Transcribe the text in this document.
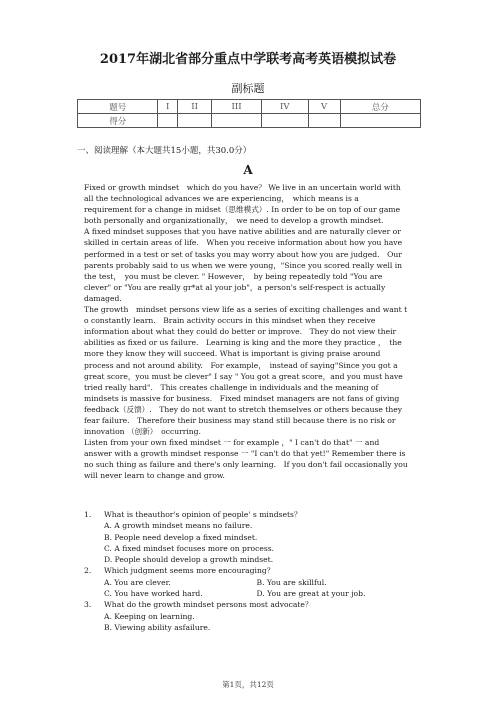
2017年湖北省部分重点中学联考高考英语模拟试卷
副标题
题号	I	II	III	IV	V	总分
得分						
一、阅读理解（本大题共15小题，共30.0分）
A

Fixed or growth mindset　which do you have？ We live in an uncertain world with all the technological advances we are experiencing，　which means is a requirement for a change in midset（思维模式）. In order to be on top of our game both personally and organizationally，　we need to develop a growth mindset.

A fixed mindset supposes that you have native abilities and are naturally clever or skilled in certain areas of life.　When you receive information about how you have performed in a test or set of tasks you may worry about how you are judged.　Our parents probably said to us when we were young，"Since you scored really well in the test，　you must be clever. " However，　by being repeatedly told "You are clever" or "You are really gr*at al your job"，a person's self-respect is actually damaged.

The growth　mindset persons view life as a series of exciting challenges and want t o constantly learn.　Brain activity occurs in this mindset when they receive information about what they could do better or improve.　They do not view their abilities as fixed or us failure.　Learning is king and the more they practice ，　the more they know they will succeed. What is important is giving praise around process and not around ability.　For example，　instead of saying"Since you got a great score，you must be clever" I say " You got a great score，and you must have tried really hard".　This creates challenge in individuals and the meaning of mindsets is massive for business.　Fixed mindset managers are not fans of giving feedback（反馈）.　They do not want to stretch themselves or others because they fear failure.　Therefore their business may stand still because there is no risk or innovation （创新）　occurring.

Listen from your own fixed mindset 一 for example ，" I can't do that" 一 and answer with a growth mindset response 一 "I can't do that yet!" Remember there is no such thing as failure and there's only learning.　If you don't fail occasionally you will never learn to change and grow.

1. What is theauthor's opinion of people' s mindsets？
A. A growth mindset means no failure.
B. People need develop a fixed mindset.
C. A fixed mindset focuses more on process.
D. People should develop a growth mindset.
2. Which judgment seems more encouraging？
A. You are clever.	B. You are skillful.
C. You have worked hard.	D. You are great at your job.
3. What do the growth mindset persons most advocate？
A. Keeping on learning.
B. Viewing ability asfailure.
第1页，共12页
